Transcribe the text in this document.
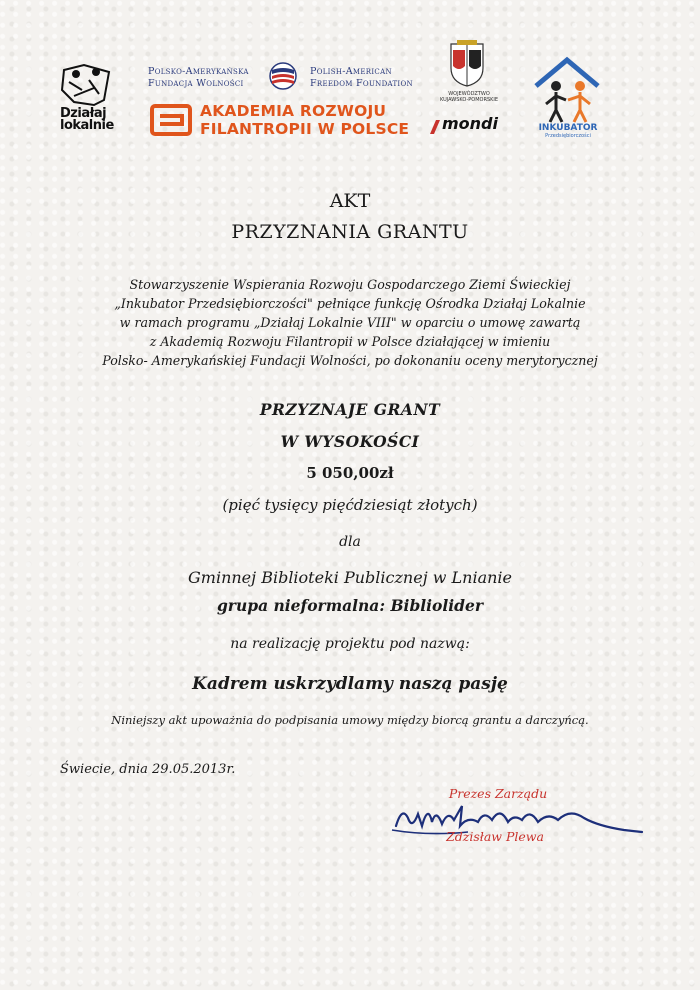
Działaj lokalnie
Polsko-Amerykańska
Fundacja Wolności
Polish-American
Freedom Foundation
AKADEMIA ROZWOJU
FILANTROPII W POLSCE
WOJEWÓDZTWO
KUJAWSKO-POMORSKIE
mondi	INKUBATOR
Przedsiębiorczości
AKT
PRZYZNANIA GRANTU
Stowarzyszenie Wspierania Rozwoju Gospodarczego Ziemi Świeckiej
„Inkubator Przedsiębiorczości" pełniące funkcję Ośrodka Działaj Lokalnie
w ramach programu „Działaj Lokalnie VIII" w oparciu o umowę zawartą
z Akademią Rozwoju Filantropii w Polsce działającej w imieniu
Polsko- Amerykańskiej Fundacji Wolności, po dokonaniu oceny merytorycznej
PRZYZNAJE GRANT
W WYSOKOŚCI
5 050,00zł
(pięć tysięcy pięćdziesiąt złotych)
dla
Gminnej Biblioteki Publicznej w Lnianie
grupa nieformalna: Bibliolider
na realizację projektu pod nazwą:
Kadrem uskrzydlamy naszą pasję
Niniejszy akt upoważnia do podpisania umowy między biorcą grantu a darczyńcą.
Świecie, dnia 29.05.2013r.
Prezes Zarządu
Zdzisław Plewa
